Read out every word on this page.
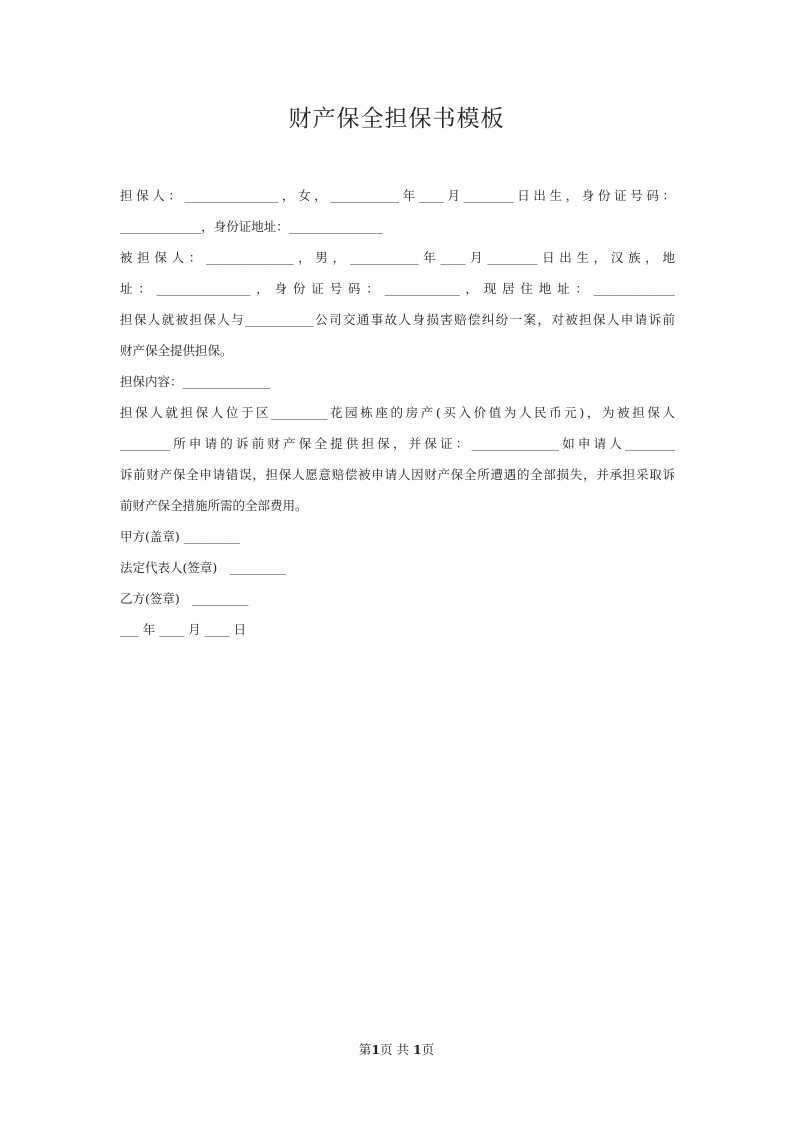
财产保全担保书模板
担保人：_______________，女，___________年____月________日出生，身份证号码：
_____________，身份证地址：_______________
被担保人：______________，男，___________年____月________日出生，汉族，地
址：_______________，身份证号码：____________，现居住地址：_____________
担保人就被担保人与___________公司交通事故人身损害赔偿纠纷一案，对被担保人申请诉前
财产保全提供担保。
担保内容：______________
担保人就担保人位于区_________花园栋座的房产(买入价值为人民币元)，为被担保人
________所申请的诉前财产保全提供担保，并保证：______________如申请人________
诉前财产保全申请错误，担保人愿意赔偿被申请人因财产保全所遭遇的全部损失，并承担采取诉
前财产保全措施所需的全部费用。
甲方(盖章) _________
法定代表人(签章)　_________
乙方(签章)　_________
___ 年 ____ 月 ____ 日
第1页 共 1页
